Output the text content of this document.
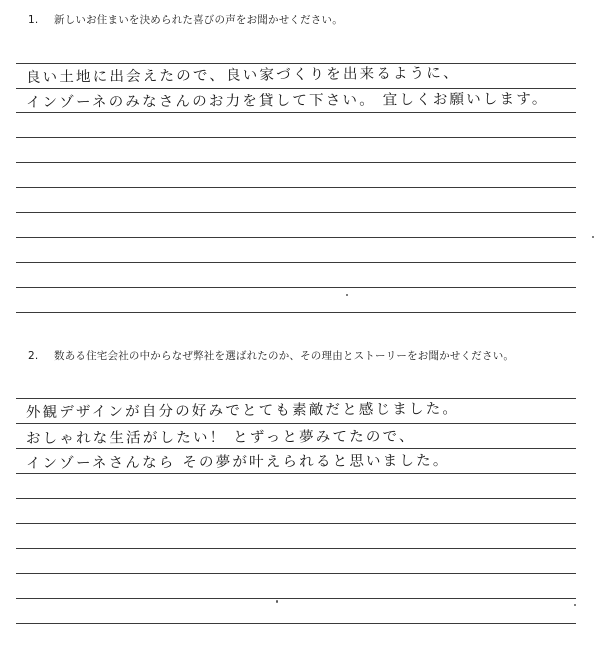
1. 新しいお住まいを決められた喜びの声をお聞かせください。
良い土地に出会えたので、良い家づくりを出来るように、
インゾーネのみなさんのお力を貸して下さい。 宜しくお願いします。
2. 数ある住宅会社の中からなぜ弊社を選ばれたのか、その理由とストーリーをお聞かせください。
外観デザインが自分の好みでとても素敵だと感じました。
おしゃれな生活がしたい！ とずっと夢みてたので、
インゾーネさんなら その夢が叶えられると思いました。
